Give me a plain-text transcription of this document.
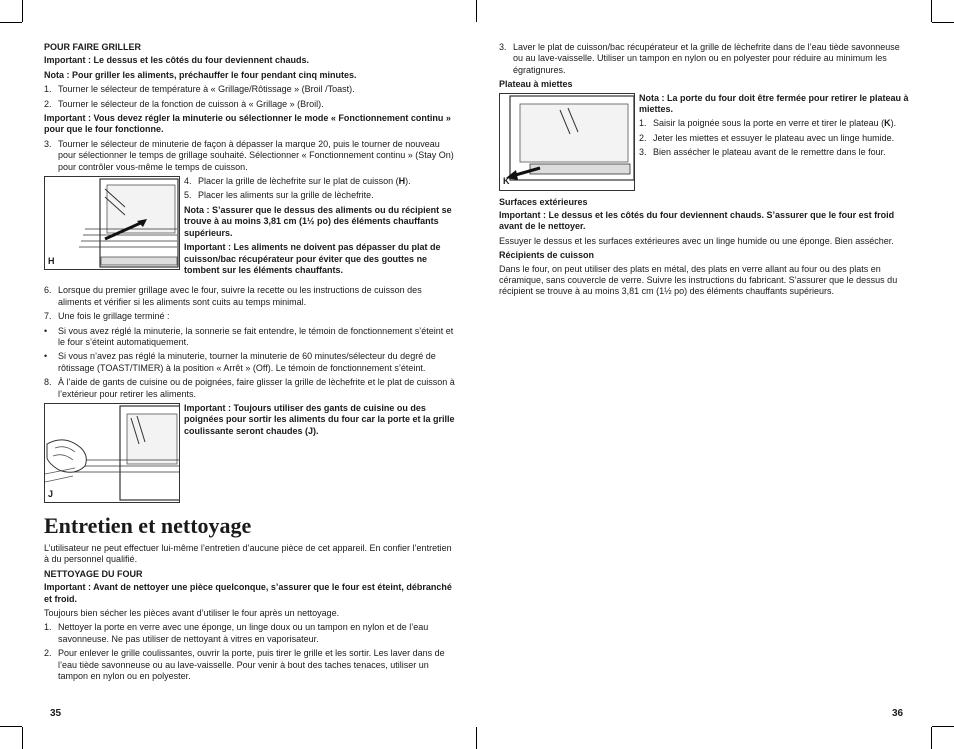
POUR FAIRE GRILLER

Important : Le dessus et les côtés du four deviennent chauds.

Nota : Pour griller les aliments, préchauffer le four pendant cinq minutes.

1. Tourner le sélecteur de température à « Grillage/Rôtissage » (Broil /Toast).
2. Tourner le sélecteur de la fonction de cuisson à « Grillage » (Broil).

Important : Vous devez régler la minuterie ou sélectionner le mode « Fonctionnement continu » pour que le four fonctionne.

3. Tourner le sélecteur de minuterie de façon à dépasser la marque 20, puis le tourner de nouveau pour sélectionner le temps de grillage souhaité. Sélectionner « Fonctionnement continu » (Stay On) pour contrôler vous-même le temps de cuisson.
H
4. Placer la grille de lèchefrite sur le plat de cuisson (H).
5. Placer les aliments sur la grille de lèchefrite.

Nota : S’assurer que le dessus des aliments ou du récipient se trouve à au moins 3,81 cm (1½ po) des éléments chauffants supérieurs.

Important : Les aliments ne doivent pas dépasser du plat de cuisson/bac récupérateur pour éviter que des gouttes ne tombent sur les éléments chauffants.

6. Lorsque du premier grillage avec le four, suivre la recette ou les instructions de cuisson des aliments et vérifier si les aliments sont cuits au temps minimal.
7. Une fois le grillage terminé :
•	Si vous avez réglé la minuterie, la sonnerie se fait entendre, le témoin de fonctionnement s’éteint et le four s’éteint automatiquement.
•	Si vous n’avez pas réglé la minuterie, tourner la minuterie de 60 minutes/sélecteur du degré de rôtissage (TOAST/TIMER) à la position « Arrêt » (Off). Le témoin de fonctionnement s’éteint.
8. À l’aide de gants de cuisine ou de poignées, faire glisser la grille de lèchefrite et le plat de cuisson à l’extérieur pour retirer les aliments.
J

Important : Toujours utiliser des gants de cuisine ou des poignées pour sortir les aliments du four car la porte et la grille coulissante seront chaudes (J).

Entretien et nettoyage

L’utilisateur ne peut effectuer lui-même l’entretien d’aucune pièce de cet appareil. En confier l’entretien à du personnel qualifié.

NETTOYAGE DU FOUR

Important : Avant de nettoyer une pièce quelconque, s’assurer que le four est éteint, débranché et froid.

Toujours bien sécher les pièces avant d’utiliser le four après un nettoyage.

1. Nettoyer la porte en verre avec une éponge, un linge doux ou un tampon en nylon et de l’eau savonneuse. Ne pas utiliser de nettoyant à vitres en vaporisateur.
2. Pour enlever le grille coulissantes, ouvrir la porte, puis tirer le grille et les sortir. Les laver dans de l’eau tiède savonneuse ou au lave-vaisselle. Pour venir à bout des taches tenaces, utiliser un tampon en nylon ou en polyester.
3. Laver le plat de cuisson/bac récupérateur et la grille de lèchefrite dans de l’eau tiède savonneuse ou au lave-vaisselle. Utiliser un tampon en nylon ou en polyester pour réduire au minimum les égratignures.

Plateau à miettes

K

Nota : La porte du four doit être fermée pour retirer le plateau à miettes.

1. Saisir la poignée sous la porte en verre et tirer le plateau (K).
2. Jeter les miettes et essuyer le plateau avec un linge humide.
3. Bien assécher le plateau avant de le remettre dans le four.

Surfaces extérieures

Important : Le dessus et les côtés du four deviennent chauds. S’assurer que le four est froid avant de le nettoyer.

Essuyer le dessus et les surfaces extérieures avec un linge humide ou une éponge. Bien assécher.

Récipients de cuisson

Dans le four, on peut utiliser des plats en métal, des plats en verre allant au four ou des plats en céramique, sans couvercle de verre. Suivre les instructions du fabricant. S’assurer que le dessus du récipient se trouve à au moins 3,81 cm (1½ po) des éléments chauffants supérieurs.

35	36
